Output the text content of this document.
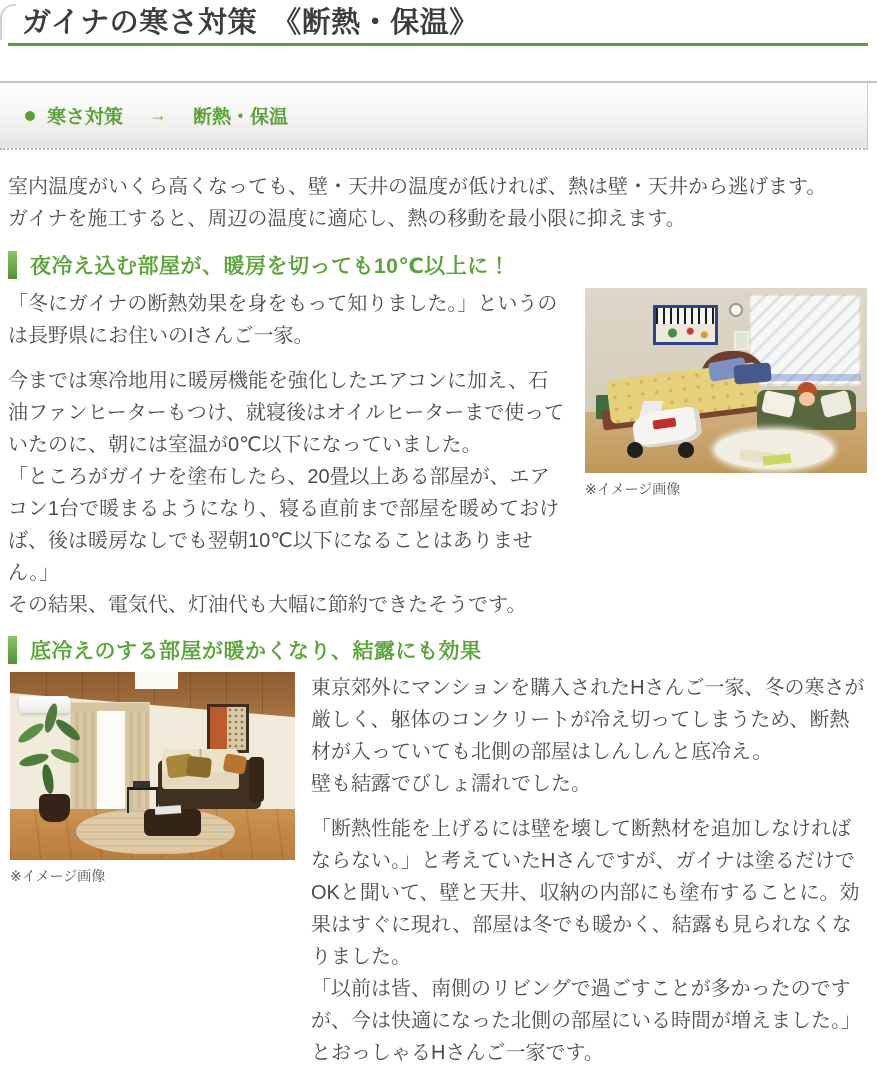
ガイナの寒さ対策　《断熱・保温》
寒さ対策 → 断熱・保温
室内温度がいくら高くなっても、壁・天井の温度が低ければ、熱は壁・天井から逃げます。
ガイナを施工すると、周辺の温度に適応し、熱の移動を最小限に抑えます。
夜冷え込む部屋が、暖房を切っても10℃以上に！

「冬にガイナの断熱効果を身をもって知りました。」というのは長野県にお住いのIさんご一家。

今までは寒冷地用に暖房機能を強化したエアコンに加え、石油ファンヒーターもつけ、就寝後はオイルヒーターまで使っていたのに、朝には室温が0℃以下になっていました。

「ところがガイナを塗布したら、20畳以上ある部屋が、エアコン1台で暖まるようになり、寝る直前まで部屋を暖めておけば、後は暖房なしでも翌朝10℃以下になることはありません。」

その結果、電気代、灯油代も大幅に節約できたそうです。

※イメージ画像
底冷えのする部屋が暖かくなり、結露にも効果
※イメージ画像

東京郊外にマンションを購入されたHさんご一家、冬の寒さが厳しく、躯体のコンクリートが冷え切ってしまうため、断熱材が入っていても北側の部屋はしんしんと底冷え。

壁も結露でびしょ濡れでした。

「断熱性能を上げるには壁を壊して断熱材を追加しなければならない。」と考えていたHさんですが、ガイナは塗るだけでOKと聞いて、壁と天井、収納の内部にも塗布することに。効果はすぐに現れ、部屋は冬でも暖かく、結露も見られなくなりました。

「以前は皆、南側のリビングで過ごすことが多かったのですが、今は快適になった北側の部屋にいる時間が増えました。」とおっしゃるHさんご一家です。
